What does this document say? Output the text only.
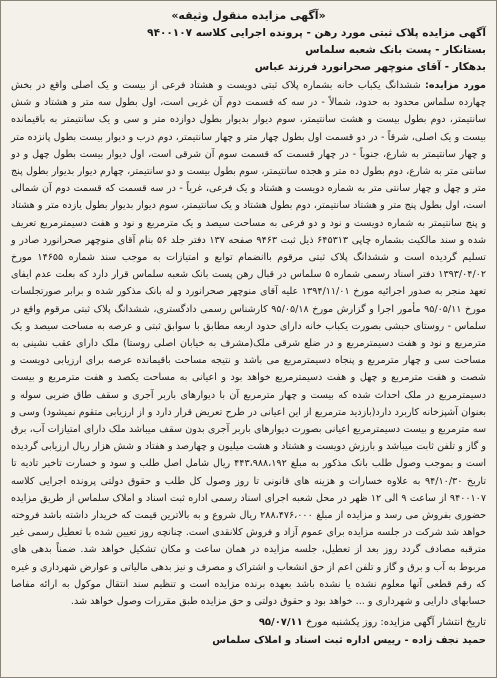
«آگهی مزایده منقول وثیقه»
آگهی مزایده پلاک ثبتی مورد رهن - پرونده اجرایی کلاسه ۹۴۰۰۱۰۷
بستانکار - پست بانک شعبه سلماس
بدهکار - آقای منوچهر صحرانورد فرزند عباس
مورد مزایده: ششدانگ یکباب خانه بشماره پلاک ثبتی دویست و هشتاد فرعی از بیست و یک اصلی واقع در بخش چهارده سلماس محدود به حدود، شمالاً - در سه که قسمت دوم آن غربی است، اول بطول سه متر و هشتاد و شش سانتیمتر، دوم بطول بیست و هشت سانتیمتر، سوم دیوار بدیوار بطول دوازده متر و سی و یک سانتیمتر به باقیمانده بیست و یک اصلی، شرقاً - در دو قسمت اول بطول چهار متر و چهار سانتیمتر، دوم درب و دیوار بیست بطول پانزده متر و چهار سانتیمتر به شارع، جنوباً - در چهار قسمت که قسمت سوم آن شرقی است، اول دیوار بیست بطول چهل و دو سانتی متر به شارع، دوم بطول ده متر و هجده سانتیمتر، سوم بطول بیست و دو سانتیمتر، چهارم دیوار بدیوار بطول پنج متر و چهل و چهار سانتی متر به شماره دویست و هشتاد و یک فرعی، غرباً - در سه قسمت که قسمت دوم آن شمالی است، اول بطول پنج متر و هشتاد سانتیمتر، دوم بطول هشتاد و یک سانتیمتر، سوم دیوار بدیوار بطول یازده متر و هشتاد و پنج سانتیمتر به شماره دویست و نود و دو فرعی به مساحت سیصد و یک مترمربع و نود و هفت دسیمترمربع تعریف شده و سند مالکیت بشماره چاپی ۶۴۵۳۱۳ ذیل ثبت ۹۴۶۳ صفحه ۱۳۷ دفتر جلد ۵۶ بنام آقای منوچهر صحرانورد صادر و تسلیم گردیده است و ششدانگ پلاک ثبتی مرقوم باانضمام توابع و امتیازات به موجب سند شماره ۱۴۶۵۵ مورخ ۱۳۹۳/۰۴/۰۲ دفتر اسناد رسمی شماره ۵ سلماس در قبال رهن پست بانک شعبه سلماس قرار دارد که بعلت عدم ایفای تعهد منجر به صدور اجرائیه مورخ ۱۳۹۴/۱۱/۰۱ علیه آقای منوچهر صحرانورد و له بانک مذکور شده و برابر صورتجلسات مورخ ۹۵/۰۵/۱۱ مأمور اجرا و گزارش مورخ ۹۵/۰۵/۱۸ کارشناس رسمی دادگستری، ششدانگ پلاک ثبتی مرقوم واقع در سلماس - روستای حبشی بصورت یکباب خانه دارای حدود اربعه مطابق با سوابق ثبتی و عرصه به مساحت سیصد و یک مترمربع و نود و هفت دسیمترمربع و در ضلع شرقی ملک(مشرف به خیابان اصلی روستا) ملک دارای عقب نشینی به مساحت سی و چهار مترمربع و پنجاه دسیمترمربع می باشد و نتیجه مساحت باقیمانده عرصه برای ارزیابی دویست و شصت و هفت مترمربع و چهل و هفت دسیمترمربع خواهد بود و اعیانی به مساحت یکصد و هفت مترمربع و بیست دسیمترمربع در ملک احداث شده که بیست و چهار مترمربع آن با دیوارهای باربر آجری و سقف طاق ضربی سوله و بعنوان آشپزخانه کاربرد دارد(بازدید مترمربع از این اعیانی در طرح تعریض قرار دارد و از ارزیابی متقوم نمیشود) وسی و سه مترمربع و بیست دسیمترمربع اعیانی بصورت دیوارهای باربر آجری بدون سقف میباشد ملک دارای امتیازات آب، برق و گاز و تلفن ثابت میباشد و بارزش دویست و هشتاد و هشت میلیون و چهارصد و هفتاد و شش هزار ریال ارزیابی گردیده است و بموجب وصول طلب بانک مذکور به مبلغ ۴۴۳،۹۸۸،۱۹۲ ریال شامل اصل طلب و سود و خسارت تاخیر تادیه تا تاریخ ۹۴/۱۰/۳۰ به علاوه خسارات و هزینه های قانونی تا روز وصول کل طلب و حقوق دولتی پرونده اجرایی کلاسه ۹۴۰۰۱۰۷ از ساعت ۹ الی ۱۲ ظهر در محل شعبه اجرای اسناد رسمی اداره ثبت اسناد و املاک سلماس از طریق مزایده حضوری بفروش می رسد و مزایده از مبلغ ۲۸۸،۴۷۶،۰۰۰ ریال شروع و به بالاترین قیمت که خریدار داشته باشد فروخته خواهد شد شرکت در جلسه مزایده برای عموم آزاد و فروش کلانقدی است. چنانچه روز تعیین شده با تعطیل رسمی غیر مترقبه مصادف گردد روز بعد از تعطیل، جلسه مزایده در همان ساعت و مکان تشکیل خواهد شد. ضمناً بدهی های مربوط به آب و برق و گاز و تلفن اعم از حق انشعاب و اشتراک و مصرف و نیز بدهی مالیاتی و عوارض شهرداری و غیره که رقم قطعی آنها معلوم نشده یا نشده باشد بعهده برنده مزایده است و تنظیم سند انتقال موکول به ارائه مفاصا حسابهای دارایی و شهرداری و ... خواهد بود و حقوق دولتی و حق مزایده طبق مقررات وصول خواهد شد.
تاریخ انتشار آگهی مزایده: روز یکشنبه مورخ ۹۵/۰۷/۱۱
حمید نجف زاده - رییس اداره ثبت اسناد و املاک سلماس
